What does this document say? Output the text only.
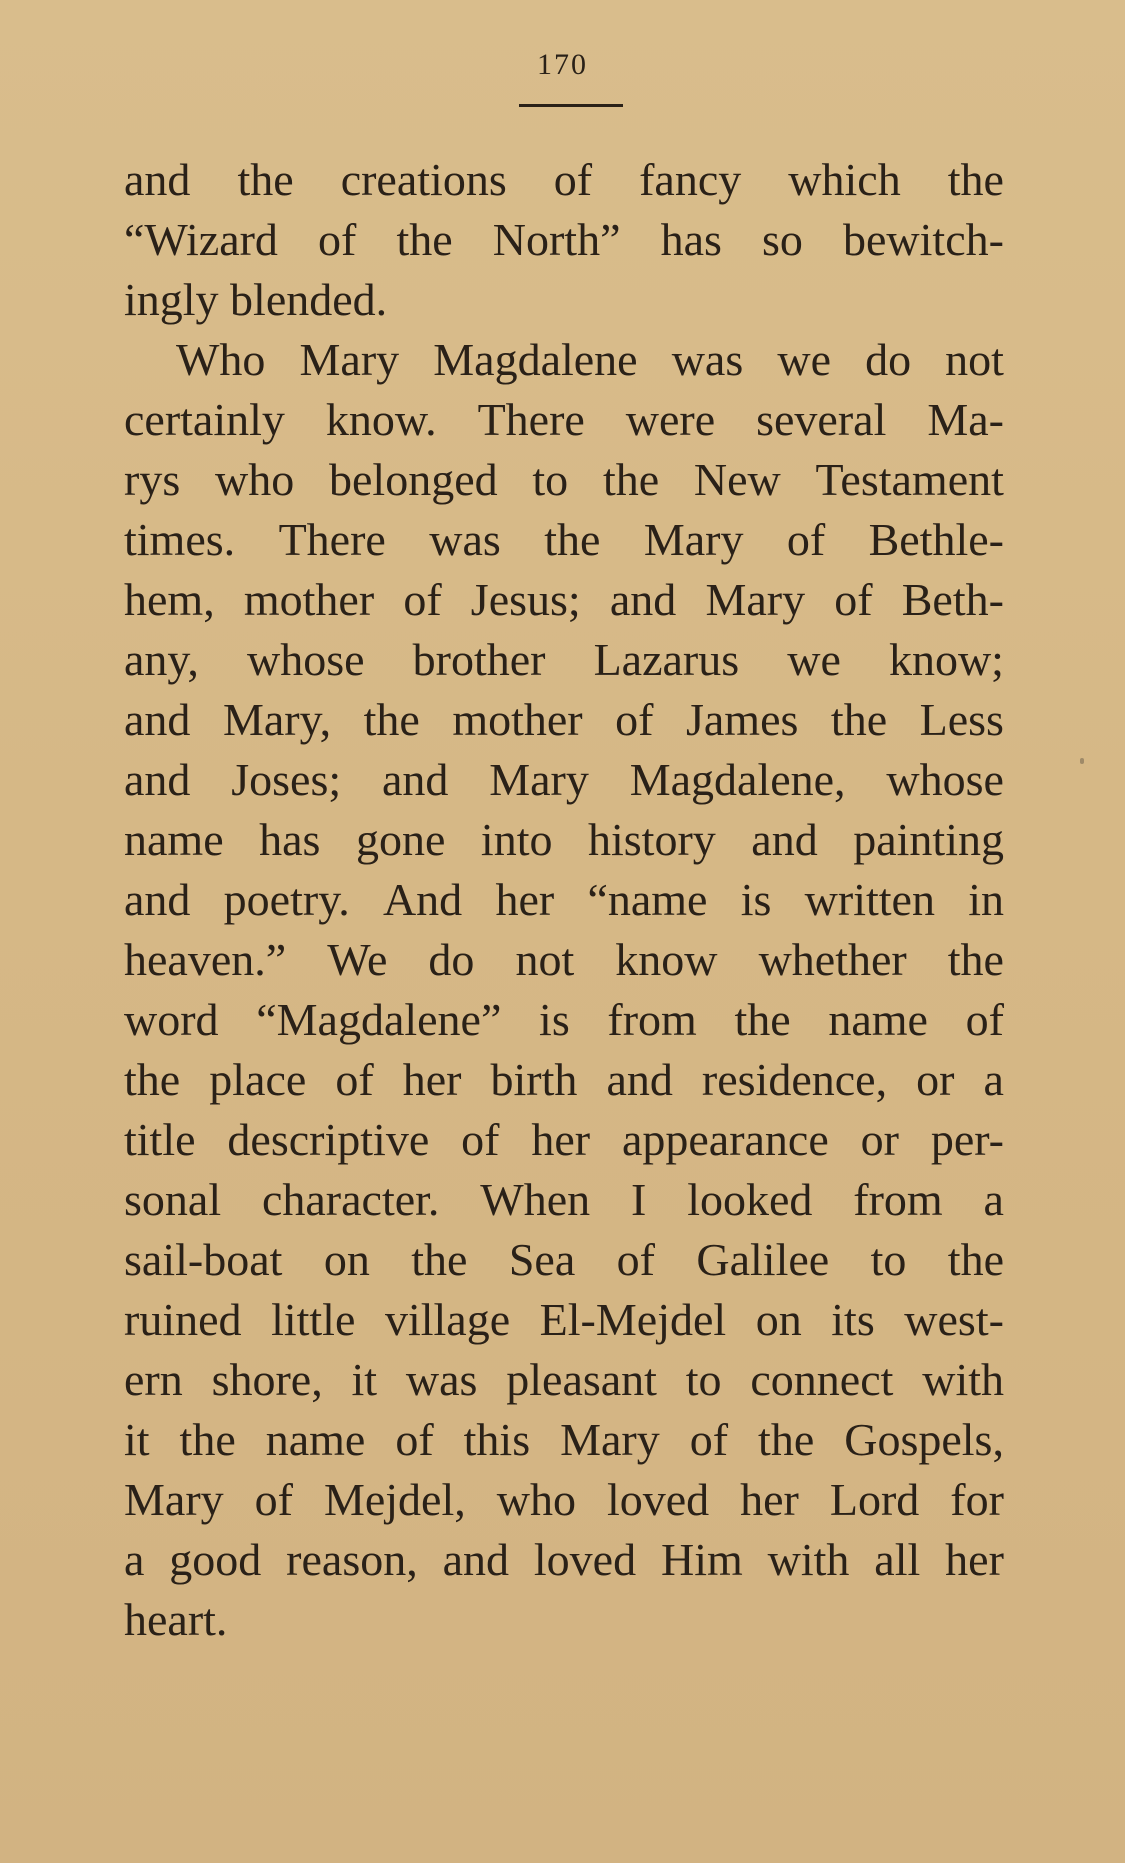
170
and the creations of fancy which the
“Wizard of the North” has so bewitch-
ingly blended.
Who Mary Magdalene was we do not
certainly know. There were several Ma-
rys who belonged to the New Testament
times. There was the Mary of Bethle-
hem, mother of Jesus; and Mary of Beth-
any, whose brother Lazarus we know;
and Mary, the mother of James the Less
and Joses; and Mary Magdalene, whose
name has gone into history and painting
and poetry. And her “name is written in
heaven.” We do not know whether the
word “Magdalene” is from the name of
the place of her birth and residence, or a
title descriptive of her appearance or per-
sonal character. When I looked from a
sail-boat on the Sea of Galilee to the
ruined little village El-Mejdel on its west-
ern shore, it was pleasant to connect with
it the name of this Mary of the Gospels,
Mary of Mejdel, who loved her Lord for
a good reason, and loved Him with all her
heart.
